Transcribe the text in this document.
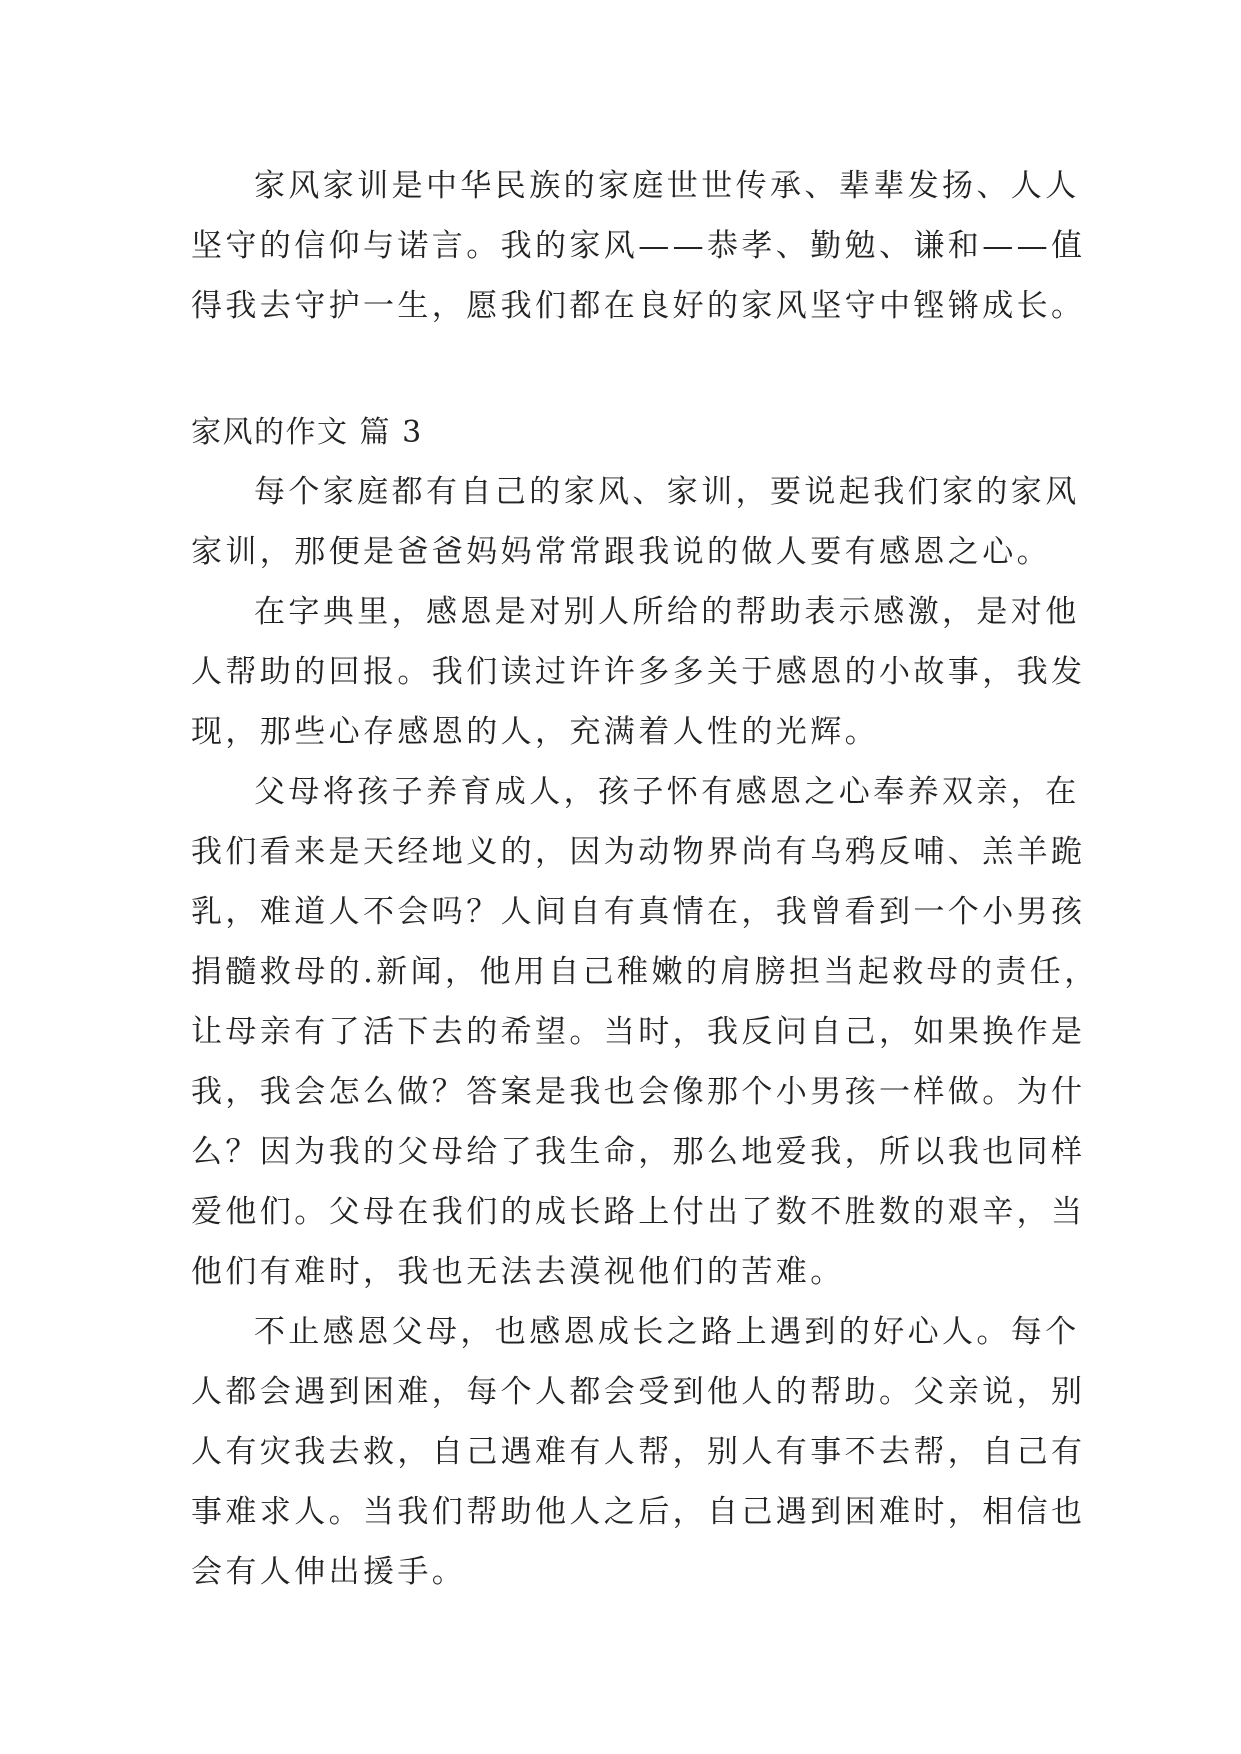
家风家训是中华民族的家庭世世传承、辈辈发扬、人人
坚守的信仰与诺言。我的家风——恭孝、勤勉、谦和——值
得我去守护一生，愿我们都在良好的家风坚守中铿锵成长。
家风的作文 篇 3
每个家庭都有自己的家风、家训，要说起我们家的家风
家训，那便是爸爸妈妈常常跟我说的做人要有感恩之心。
在字典里，感恩是对别人所给的帮助表示感激，是对他
人帮助的回报。我们读过许许多多关于感恩的小故事，我发
现，那些心存感恩的人，充满着人性的光辉。
父母将孩子养育成人，孩子怀有感恩之心奉养双亲，在
我们看来是天经地义的，因为动物界尚有乌鸦反哺、羔羊跪
乳，难道人不会吗？人间自有真情在，我曾看到一个小男孩
捐髓救母的.新闻，他用自己稚嫩的肩膀担当起救母的责任，
让母亲有了活下去的希望。当时，我反问自己，如果换作是
我，我会怎么做？答案是我也会像那个小男孩一样做。为什
么？因为我的父母给了我生命，那么地爱我，所以我也同样
爱他们。父母在我们的成长路上付出了数不胜数的艰辛，当
他们有难时，我也无法去漠视他们的苦难。
不止感恩父母，也感恩成长之路上遇到的好心人。每个
人都会遇到困难，每个人都会受到他人的帮助。父亲说，别
人有灾我去救，自己遇难有人帮，别人有事不去帮，自己有
事难求人。当我们帮助他人之后，自己遇到困难时，相信也
会有人伸出援手。
